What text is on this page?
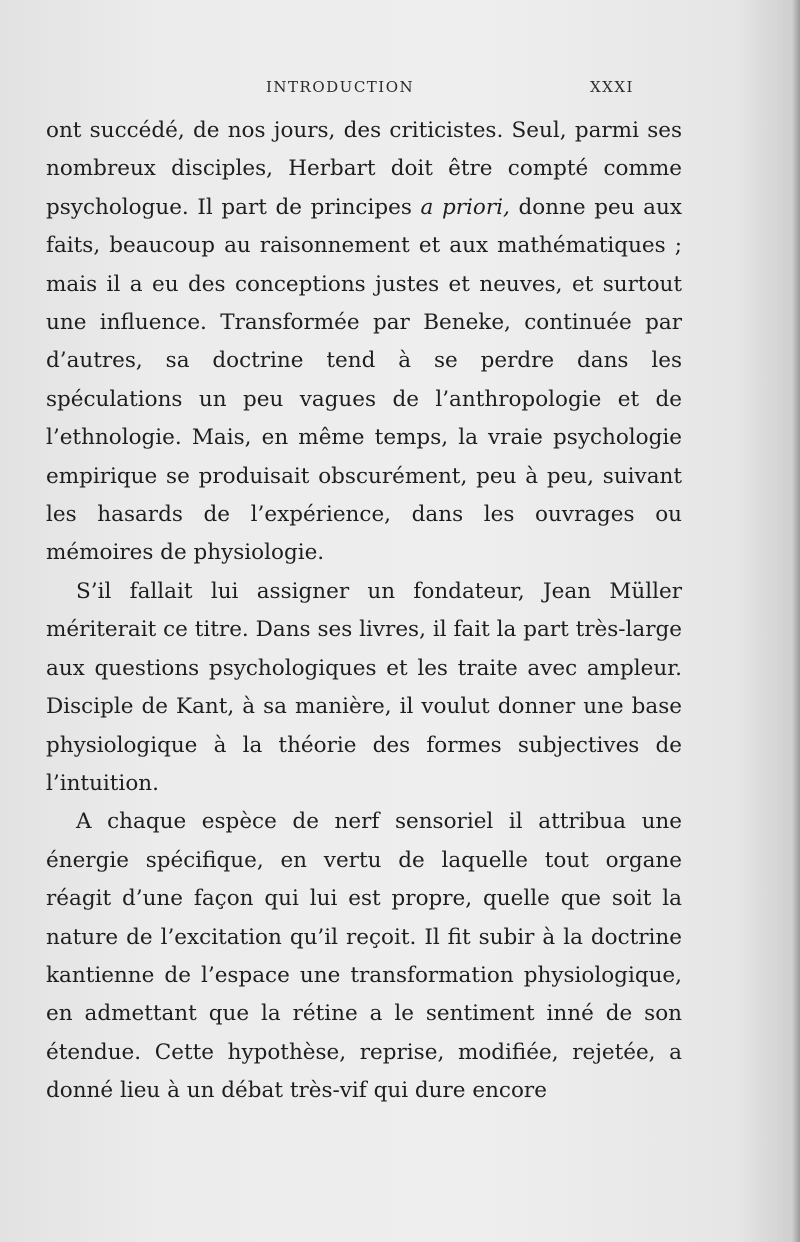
INTRODUCTION	XXXI

ont succédé, de nos jours, des criticistes. Seul, parmi ses nombreux disciples, Herbart doit être compté comme psychologue. Il part de principes a priori, donne peu aux faits, beaucoup au raisonnement et aux mathématiques ; mais il a eu des conceptions justes et neuves, et surtout une influence. Transformée par Beneke, continuée par d’autres, sa doctrine tend à se perdre dans les spéculations un peu vagues de l’anthropologie et de l’ethnologie. Mais, en même temps, la vraie psychologie empirique se produisait obscurément, peu à peu, suivant les hasards de l’expérience, dans les ouvrages ou mémoires de physiologie.

S’il fallait lui assigner un fondateur, Jean Müller mériterait ce titre. Dans ses livres, il fait la part très-large aux questions psychologiques et les traite avec ampleur. Disciple de Kant, à sa manière, il voulut donner une base physiologique à la théorie des formes subjectives de l’intuition.

A chaque espèce de nerf sensoriel il attribua une énergie spécifique, en vertu de laquelle tout organe réagit d’une façon qui lui est propre, quelle que soit la nature de l’excitation qu’il reçoit. Il fit subir à la doctrine kantienne de l’espace une transformation physiologique, en admettant que la rétine a le sentiment inné de son étendue. Cette hypothèse, reprise, modifiée, rejetée, a donné lieu à un débat très-vif qui dure encore
